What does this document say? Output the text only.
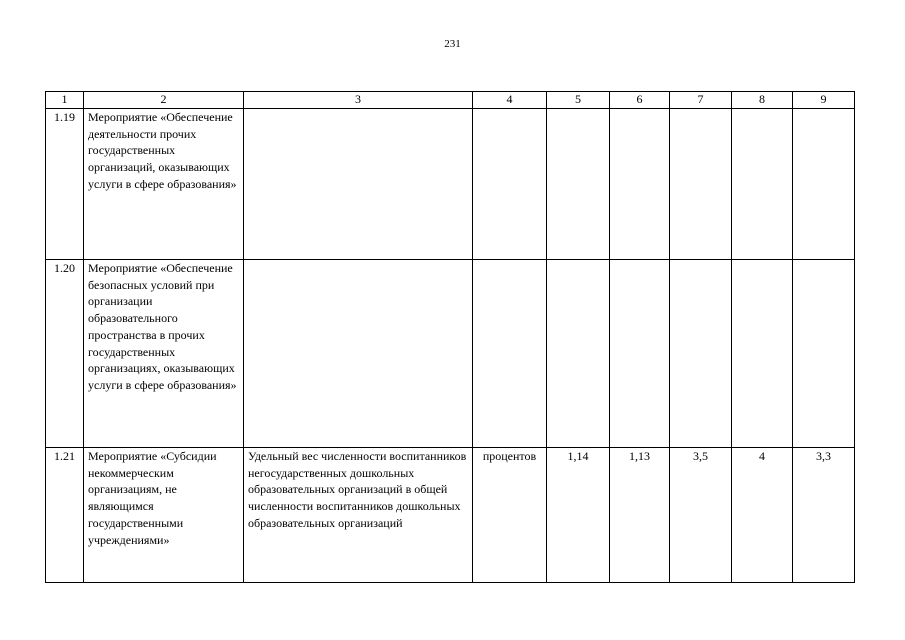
231
1	2	3	4	5	6	7	8	9
1.19	Мероприятие «Обеспечение деятельности прочих государственных организаций, оказывающих услуги в сфере образования»							
1.20	Мероприятие «Обеспечение безопасных условий при организации образовательного пространства в прочих государственных организациях, оказывающих услуги в сфере образования»							
1.21	Мероприятие «Субсидии некоммерческим организациям, не являющимся государственными учреждениями»	Удельный вес численности воспитанников негосударственных дошкольных образовательных организаций в общей численности воспитанников дошкольных образовательных организаций	процентов	1,14	1,13	3,5	4	3,3
